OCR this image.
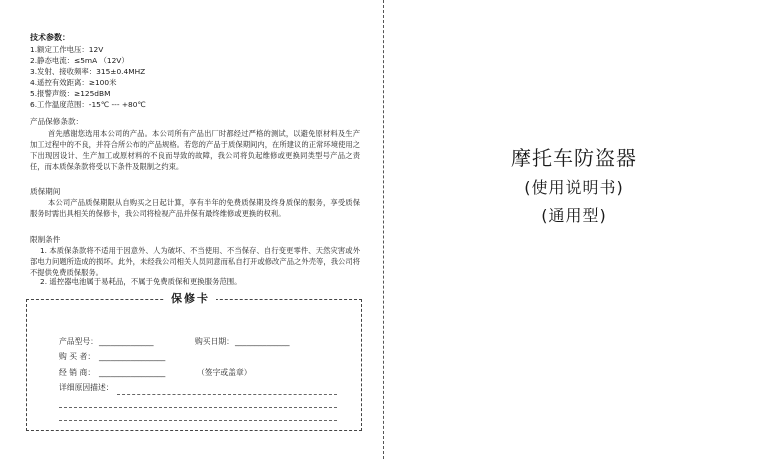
技术参数：
1.额定工作电压：12V
2.静态电流：≤5mA （12V）
3.发射、接收频率：315±0.4MHZ
4.遥控有效距离：≥100米
5.报警声级：≥125dBM
6.工作温度范围：-15℃ --- +80℃
产品保修条款：
首先感谢您选用本公司的产品。本公司所有产品出厂时都经过严格的测试，以避免原材料及生产加工过程中的不良，并符合所公布的产品规格。若您的产品于质保期间内，在所建议的正常环境使用之下出现因设计、生产加工或原材料的不良而导致的故障，我公司将负起维修或更换同类型号产品之责任，而本质保条款将受以下条件及限制之约束。
质保期间
本公司产品质保期限从自购买之日起计算，享有半年的免费质保期及终身质保的服务，享受质保服务时需出具相关的保修卡，我公司将检视产品并保有最终维修或更换的权利。
限制条件
1. 本质保条款将不适用于因意外、人为破坏、不当使用、不当保存、自行变更零件、天然灾害或外部电力问题所造成的损坏。此外，未经我公司相关人员同意而私自打开或修改产品之外壳等，我公司将不提供免费质保服务。
2. 遥控器电池属于易耗品，不属于免费质保和更换服务范围。
保修卡
产品型号： ______________	购买日期： ______________
购 买 者： _________________
经 销 商： _________________	（签字或盖章）
详细原因描述：
摩托车防盗器
(使用说明书)
(通用型)
